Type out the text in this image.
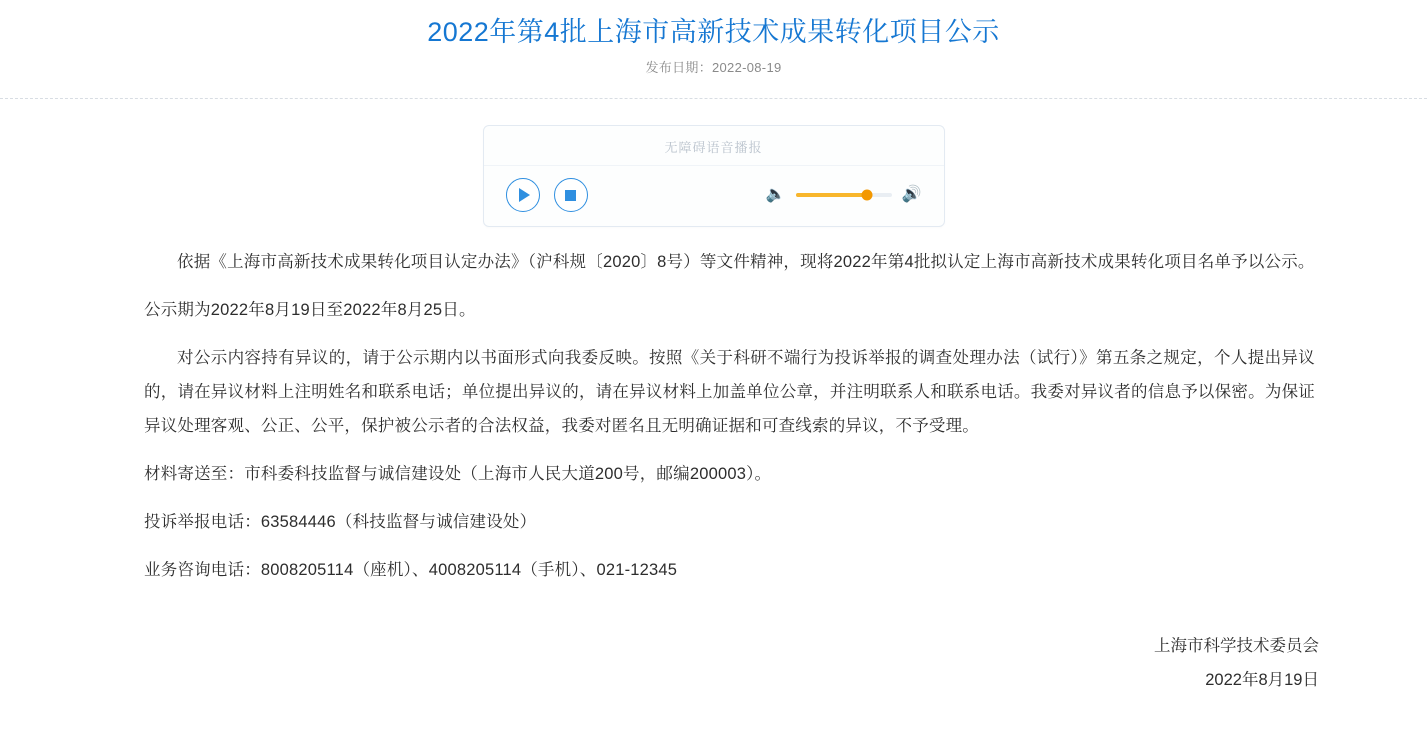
2022年第4批上海市高新技术成果转化项目公示
发布日期：2022-08-19
无障碍语音播报
🔈	🔊

依据《上海市高新技术成果转化项目认定办法》（沪科规〔2020〕8号）等文件精神，现将2022年第4批拟认定上海市高新技术成果转化项目名单予以公示。

公示期为2022年8月19日至2022年8月25日。

对公示内容持有异议的，请于公示期内以书面形式向我委反映。按照《关于科研不端行为投诉举报的调查处理办法（试行）》第五条之规定，个人提出异议的，请在异议材料上注明姓名和联系电话；单位提出异议的，请在异议材料上加盖单位公章，并注明联系人和联系电话。我委对异议者的信息予以保密。为保证异议处理客观、公正、公平，保护被公示者的合法权益，我委对匿名且无明确证据和可查线索的异议，不予受理。

材料寄送至：市科委科技监督与诚信建设处（上海市人民大道200号，邮编200003）。

投诉举报电话：63584446（科技监督与诚信建设处）

业务咨询电话：8008205114（座机）、4008205114（手机）、021-12345

上海市科学技术委员会
2022年8月19日
